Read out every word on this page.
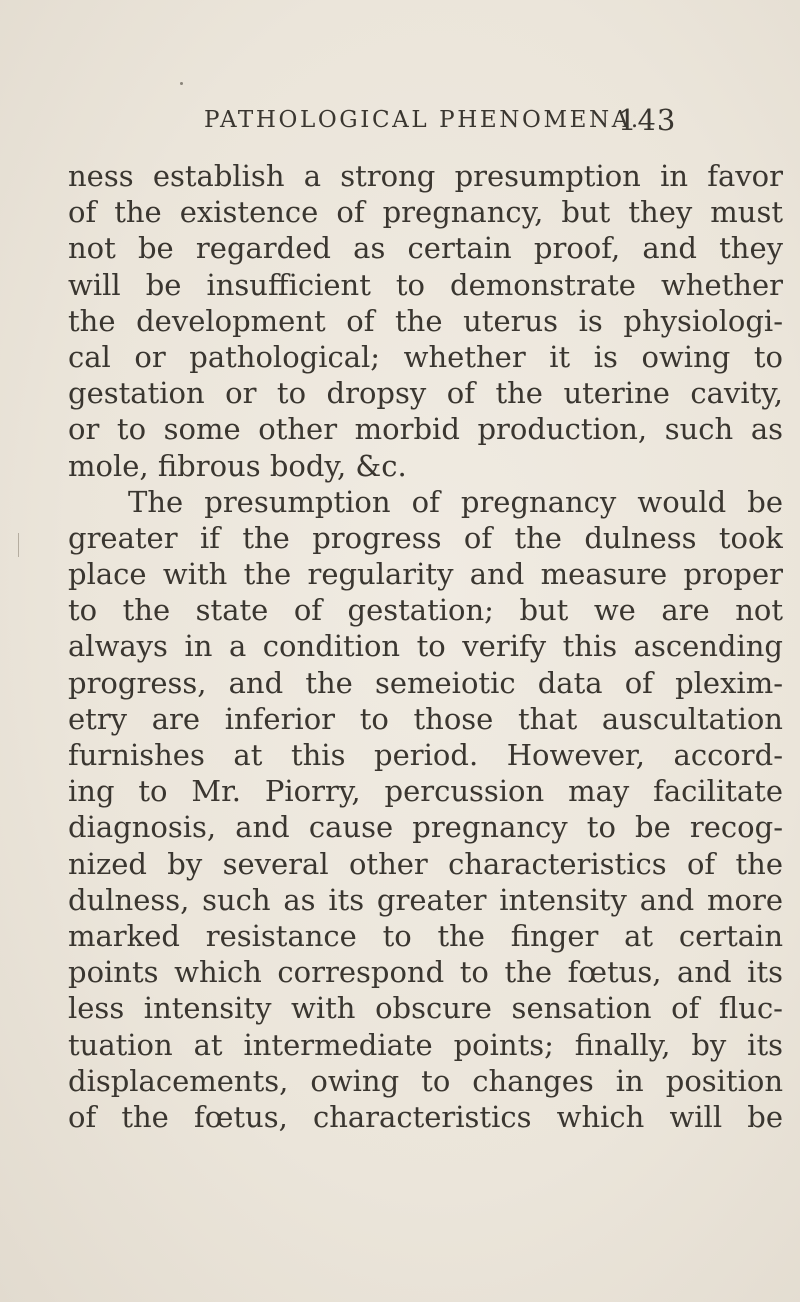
PATHOLOGICAL PHENOMENA.
143
ness establish a strong presumption in favor
of the existence of pregnancy, but they must
not be regarded as certain proof, and they
will be insufficient to demonstrate whether
the development of the uterus is physiologi-
cal or pathological; whether it is owing to
gestation or to dropsy of the uterine cavity,
or to some other morbid production, such as
mole, fibrous body, &c.
The presumption of pregnancy would be
greater if the progress of the dulness took
place with the regularity and measure proper
to the state of gestation; but we are not
always in a condition to verify this ascending
progress, and the semeiotic data of plexim-
etry are inferior to those that auscultation
furnishes at this period. However, accord-
ing to Mr. Piorry, percussion may facilitate
diagnosis, and cause pregnancy to be recog-
nized by several other characteristics of the
dulness, such as its greater intensity and more
marked resistance to the finger at certain
points which correspond to the fœtus, and its
less intensity with obscure sensation of fluc-
tuation at intermediate points; finally, by its
displacements, owing to changes in position
of the fœtus, characteristics which will be
